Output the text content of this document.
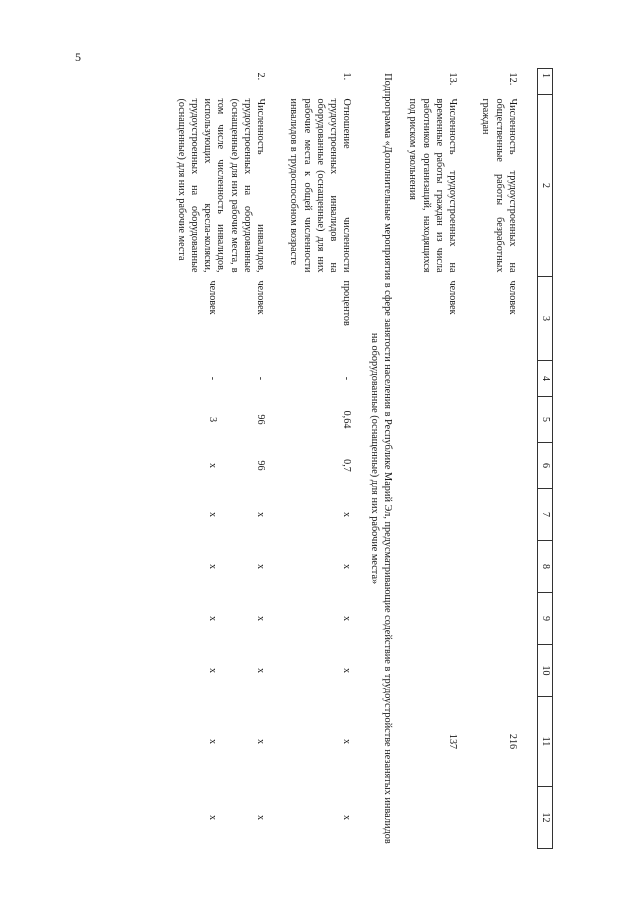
5
1	2	3	4	5	6	7	8	9	10	11	12

12.	Численность трудоустроенных на общественные работы безработных граждан	человек								216	

13.	Численность трудоустроенных на временные работы граждан из числа работников организаций, находящихся под риском увольнения	человек								137	
Подпрограмма «Дополнительные мероприятия в сфере занятости населения в Республике Марий Эл, предусматривающие содействие в трудоустройстве незанятых инвалидов на оборудованные (оснащенные) для них рабочие места»											
1.	Отношение численности трудоустроенных инвалидов на оборудованные (оснащенные) для них рабочие места к общей численности инвалидов в трудоспособном возрасте	процентов	-	0,64	0,7	x	x	x	x	x	x

2.	Численность инвалидов, трудоустроенных на оборудованные (оснащенные) для них рабочие места, в том числе численность инвалидов, использующих кресла-коляски, трудоустроенных на оборудованные (оснащенные) для них рабочие места	человек	-	96	96	x	x	x	x	x	x
		человек	-	3	x	x	x	x	x	x	x
